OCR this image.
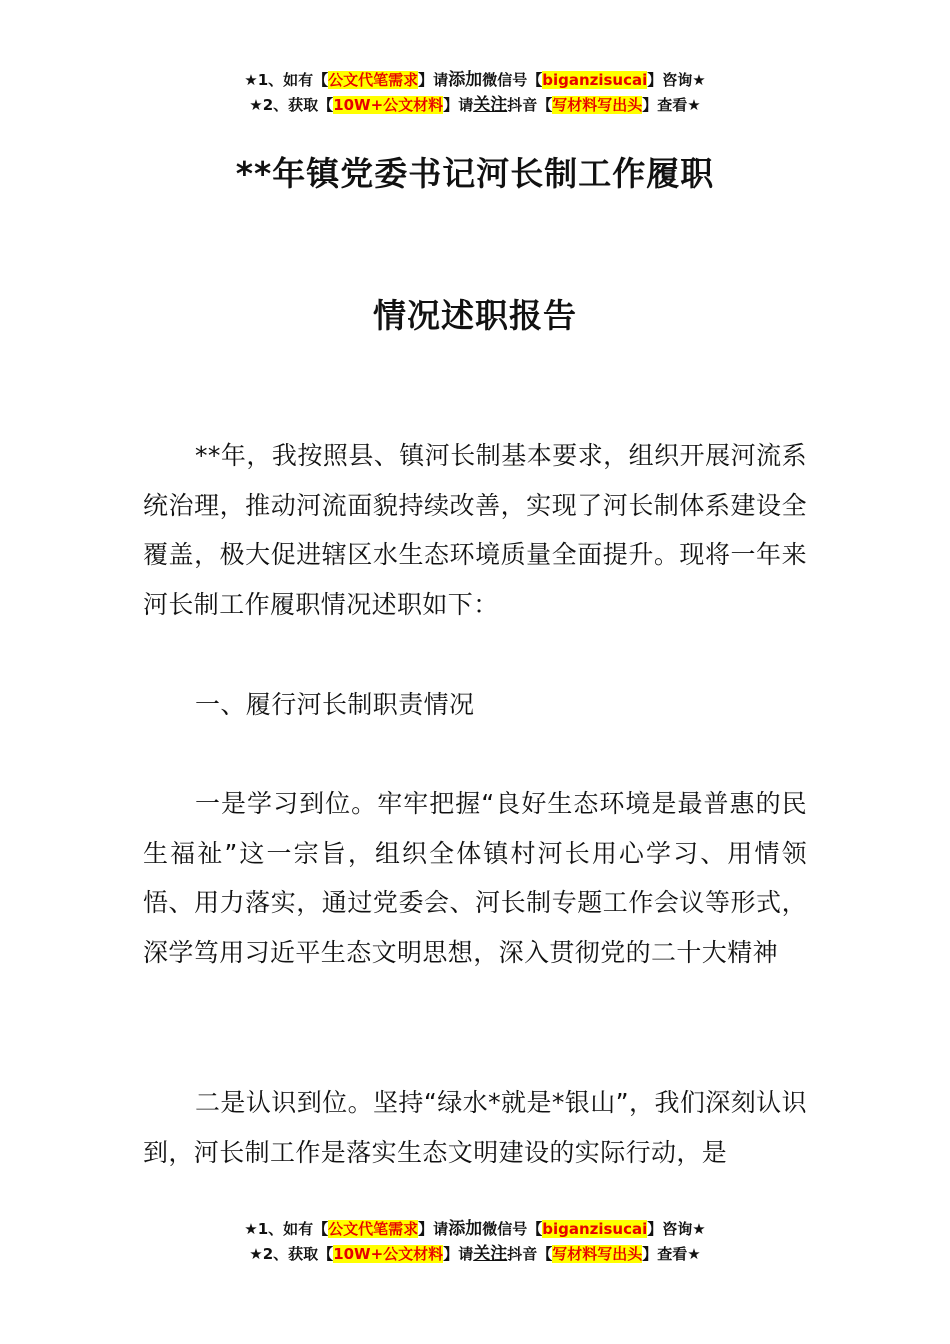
★1、如有【公文代笔需求】请添加微信号【biganzisucai】咨询★
★2、获取【10W+公文材料】请关注抖音【写材料写出头】查看★
**年镇党委书记河长制工作履职
情况述职报告

**年，我按照县、镇河长制基本要求，组织开展河流系统治理，推动河流面貌持续改善，实现了河长制体系建设全覆盖，极大促进辖区水生态环境质量全面提升。现将一年来河长制工作履职情况述职如下：

一、履行河长制职责情况

一是学习到位。牢牢把握“良好生态环境是最普惠的民生福祉”这一宗旨，组织全体镇村河长用心学习、用情领悟、用力落实，通过党委会、河长制专题工作会议等形式，深学笃用习近平生态文明思想，深入贯彻党的二十大精神

二是认识到位。坚持“绿水*就是*银山”，我们深刻认识到，河长制工作是落实生态文明建设的实际行动，是

★1、如有【公文代笔需求】请添加微信号【biganzisucai】咨询★
★2、获取【10W+公文材料】请关注抖音【写材料写出头】查看★
